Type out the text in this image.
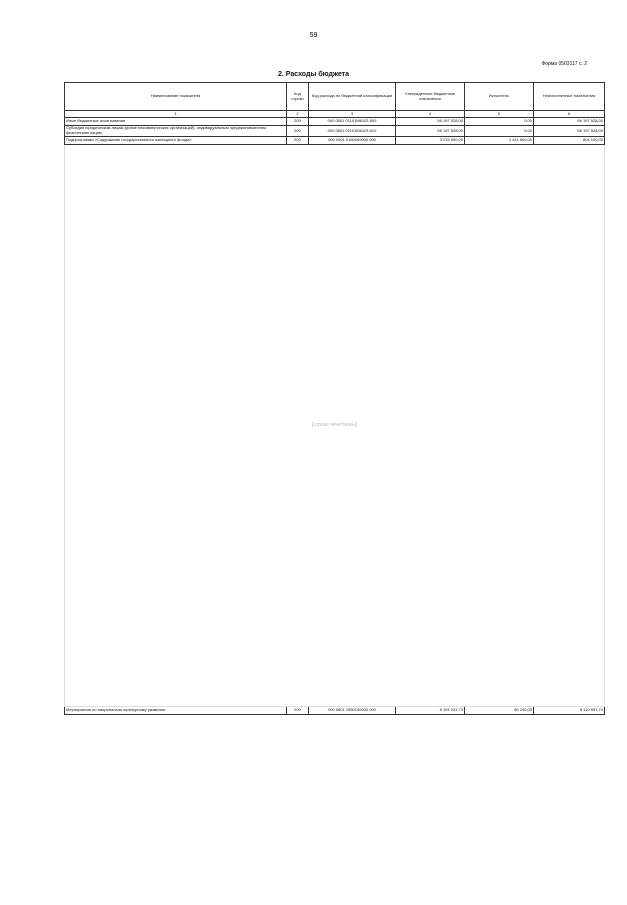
59
Форма 0503117 с. 2
2. Расходы бюджета
Наименование показателя	Код строки	Код расхода по бюджетной классификации	Утвержденные бюджетные назначения	Исполнено	Неисполненные назначения
1	2	3	4	5	6
Иные бюджетные ассигнования	200	000 0501 01101M6103 800	56 197 528,00	0,00	56 197 528,00
Субсидии юридическим лицам (кроме некоммерческих организаций), индивидуальным предпринимателям, физическим лицам	200	000 0501 01101M6103 810	56 197 528,00	0,00	56 197 528,00
Подпрограмма «Содержание государственного жилищного фонда»	200	000 0501 0160000000 000	3 215 900,00	2 411 800,00	804 100,00
[строки нечитаемы]					
Мероприятия по национально-культурному развитию	200	000 0801 1550100000 000	8 191 231,74	80 240,00	8 110 991,74
